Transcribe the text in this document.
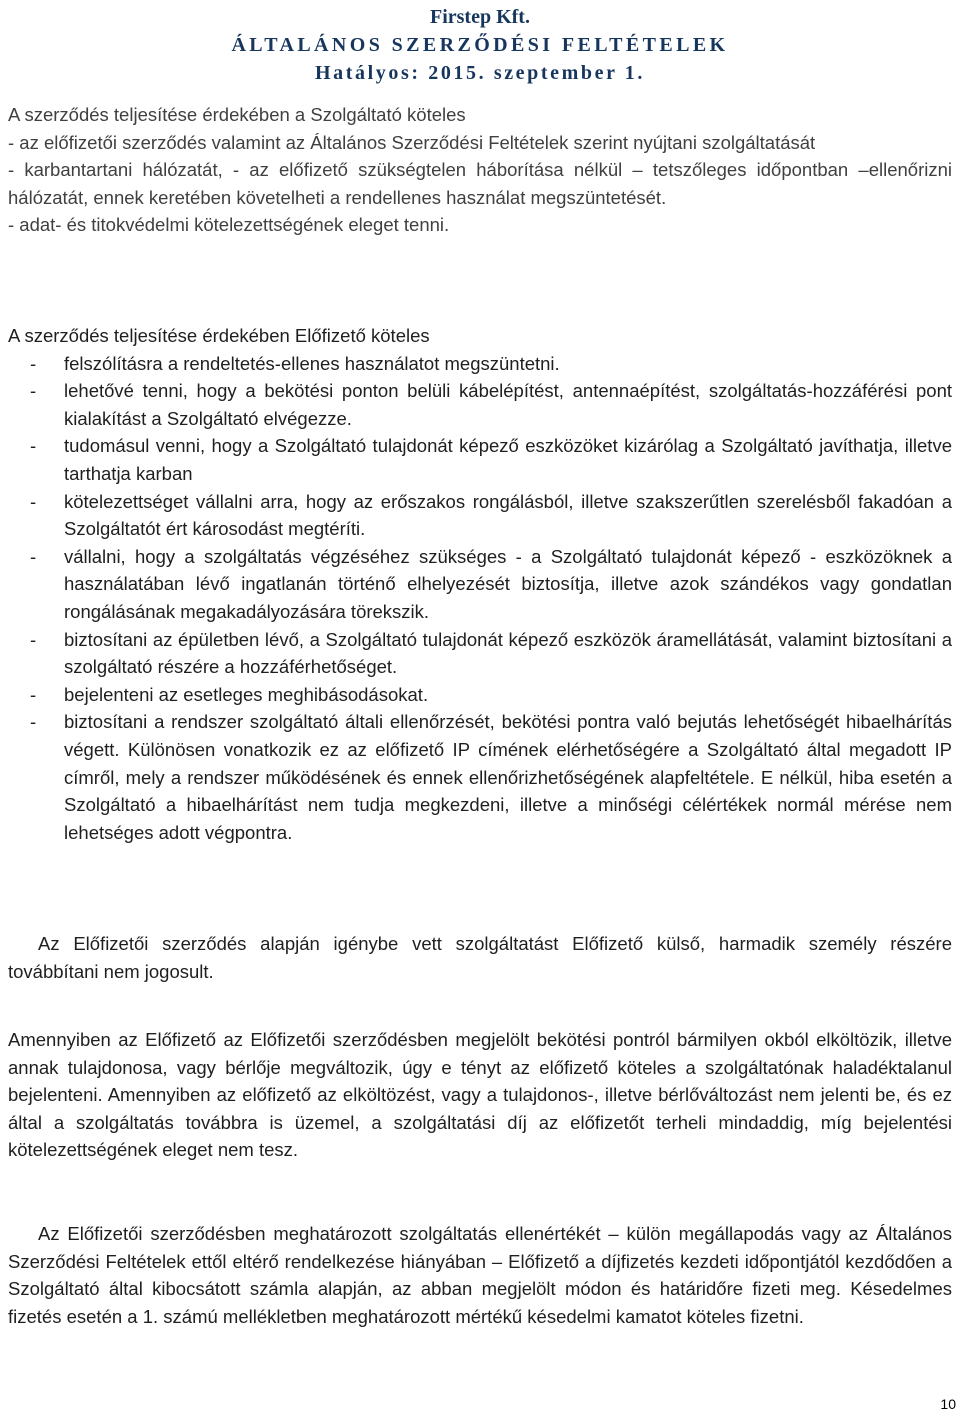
Firstep Kft.
ÁLTALÁNOS SZERZŐDÉSI FELTÉTELEK
Hatályos: 2015. szeptember 1.
A szerződés teljesítése érdekében a Szolgáltató köteles
- az előfizetői szerződés valamint az Általános Szerződési Feltételek szerint nyújtani szolgáltatását
- karbantartani hálózatát, - az előfizető szükségtelen háborítása nélkül – tetszőleges időpontban –ellenőrizni hálózatát, ennek keretében követelheti a rendellenes használat megszüntetését.
- adat- és titokvédelmi kötelezettségének eleget tenni.

A szerződés teljesítése érdekében Előfizető köteles

-	felszólításra a rendeltetés-ellenes használatot megszüntetni.
-	lehetővé tenni, hogy a bekötési ponton belüli kábelépítést, antennaépítést, szolgáltatás-hozzáférési pont kialakítást a Szolgáltató elvégezze.
-	tudomásul venni, hogy a Szolgáltató tulajdonát képező eszközöket kizárólag a Szolgáltató javíthatja, illetve tarthatja karban
-	kötelezettséget vállalni arra, hogy az erőszakos rongálásból, illetve szakszerűtlen szerelésből fakadóan a Szolgáltatót ért károsodást megtéríti.
-	vállalni, hogy a szolgáltatás végzéséhez szükséges - a Szolgáltató tulajdonát képező - eszközöknek a használatában lévő ingatlanán történő elhelyezését biztosítja, illetve azok szándékos vagy gondatlan rongálásának megakadályozására törekszik.
-	biztosítani az épületben lévő, a Szolgáltató tulajdonát képező eszközök áramellátását, valamint biztosítani a szolgáltató részére a hozzáférhetőséget.
-	bejelenteni az esetleges meghibásodásokat.
-	biztosítani a rendszer szolgáltató általi ellenőrzését, bekötési pontra való bejutás lehetőségét hibaelhárítás végett. Különösen vonatkozik ez az előfizető IP címének elérhetőségére a Szolgáltató által megadott IP címről, mely a rendszer működésének és ennek ellenőrizhetőségének alapfeltétele. E nélkül, hiba esetén a Szolgáltató a hibaelhárítást nem tudja megkezdeni, illetve a minőségi célértékek normál mérése nem lehetséges adott végpontra.

Az Előfizetői szerződés alapján igénybe vett szolgáltatást Előfizető külső, harmadik személy részére továbbítani nem jogosult.

Amennyiben az Előfizető az Előfizetői szerződésben megjelölt bekötési pontról bármilyen okból elköltözik, illetve annak tulajdonosa, vagy bérlője megváltozik, úgy e tényt az előfizető köteles a szolgáltatónak haladéktalanul bejelenteni. Amennyiben az előfizető az elköltözést, vagy a tulajdonos-, illetve bérlőváltozást nem jelenti be, és ez által a szolgáltatás továbbra is üzemel, a szolgáltatási díj az előfizetőt terheli mindaddig, míg bejelentési kötelezettségének eleget nem tesz.

Az Előfizetői szerződésben meghatározott szolgáltatás ellenértékét – külön megállapodás vagy az Általános Szerződési Feltételek ettől eltérő rendelkezése hiányában – Előfizető a díjfizetés kezdeti időpontjától kezdődően a Szolgáltató által kibocsátott számla alapján, az abban megjelölt módon és határidőre fizeti meg. Késedelmes fizetés esetén a 1. számú mellékletben meghatározott mértékű késedelmi kamatot köteles fizetni.

10
